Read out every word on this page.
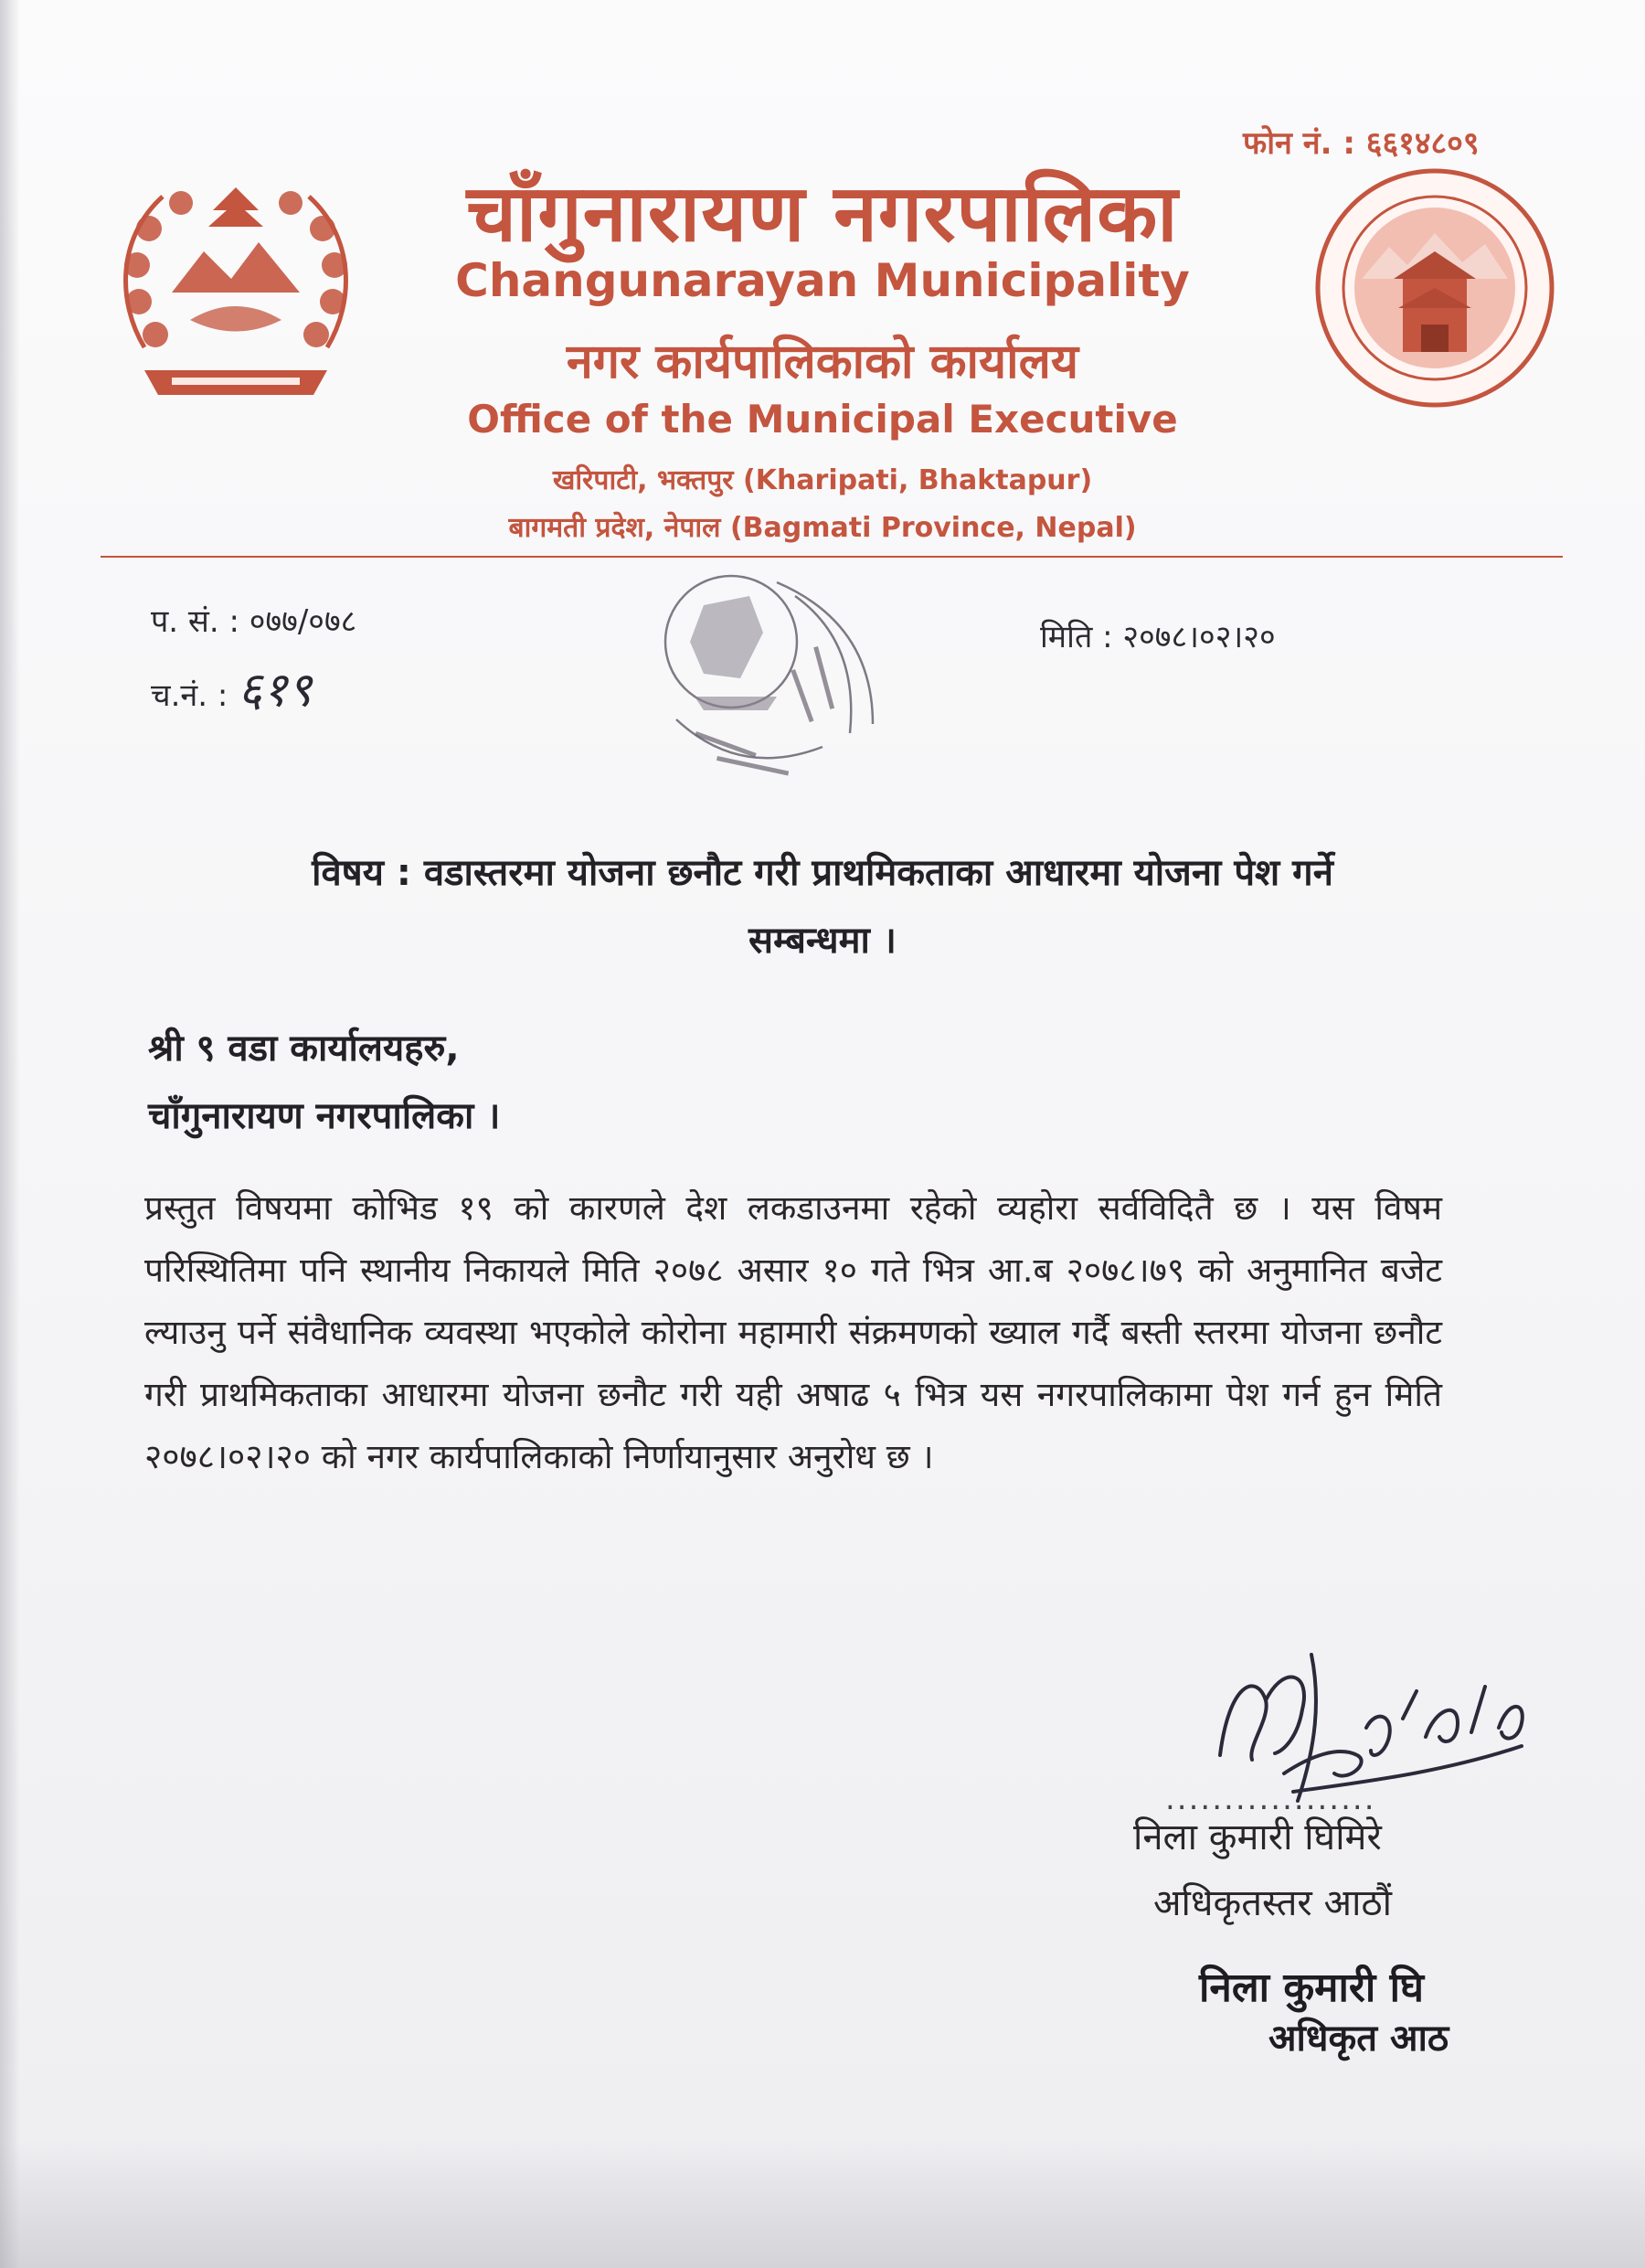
फोन नं. : ६६१४८०९
चाँगुनारायण नगरपालिका
Changunarayan Municipality
नगर कार्यपालिकाको कार्यालय
Office of the Municipal Executive
खरिपाटी, भक्तपुर (Kharipati, Bhaktapur)
बागमती प्रदेश, नेपाल (Bagmati Province, Nepal)
प. सं. : ०७७/०७८
च.नं. : ६१९
मिति : २०७८।०२।२०
विषय : वडास्तरमा योजना छनौट गरी प्राथमिकताका आधारमा योजना पेश गर्ने
सम्बन्धमा ।
श्री ९ वडा कार्यालयहरु,
चाँगुनारायण नगरपालिका ।
प्रस्तुत विषयमा कोभिड १९ को कारणले देश लकडाउनमा रहेको व्यहोरा सर्वविदितै छ । यस विषम परिस्थितिमा पनि स्थानीय निकायले मिति २०७८ असार १० गते भित्र आ.ब २०७८।७९ को अनुमानित बजेट ल्याउनु पर्ने संवैधानिक व्यवस्था भएकोले कोरोना महामारी संक्रमणको ख्याल गर्दै बस्ती स्तरमा योजना छनौट गरी प्राथमिकताका आधारमा योजना छनौट गरी यही अषाढ ५ भित्र यस नगरपालिकामा पेश गर्न हुन मिति २०७८।०२।२० को नगर कार्यपालिकाको निर्णायानुसार अनुरोध छ ।
..................
निला कुमारी घिमिरे
अधिकृतस्तर आठौं
निला कुमारी घि
अधिकृत आठ
